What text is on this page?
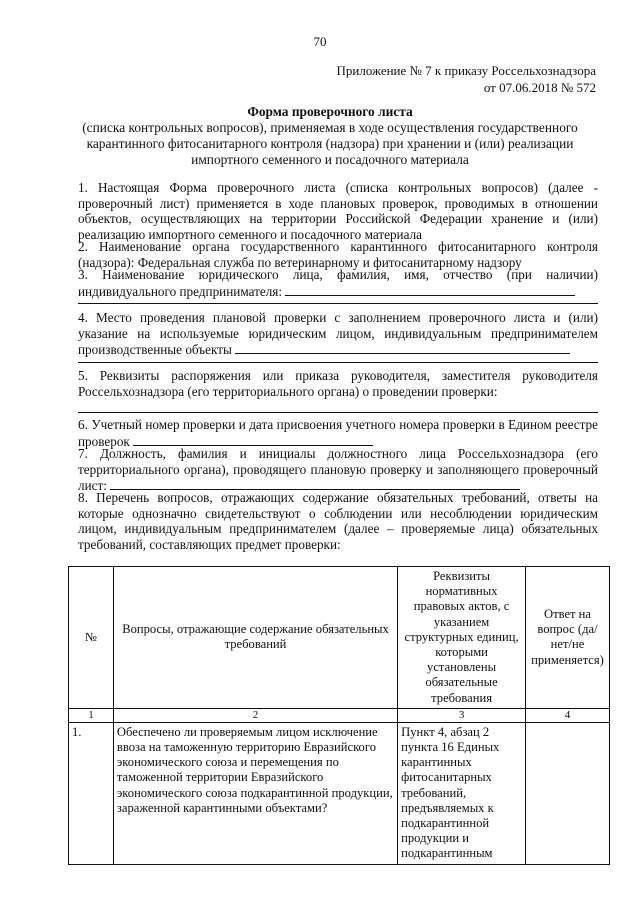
70
Приложение № 7 к приказу Россельхознадзора
от 07.06.2018 № 572
Форма проверочного листа
(списка контрольных вопросов), применяемая в ходе осуществления государственного
карантинного фитосанитарного контроля (надзора) при хранении и (или) реализации
импортного семенного и посадочного материала
1. Настоящая Форма проверочного листа (списка контрольных вопросов) (далее - проверочный лист) применяется в ходе плановых проверок, проводимых в отношении объектов, осуществляющих на территории Российской Федерации хранение и (или) реализацию импортного семенного и посадочного материала
2. Наименование органа государственного карантинного фитосанитарного контроля (надзора): Федеральная служба по ветеринарному и фитосанитарному надзору
3. Наименование юридического лица, фамилия, имя, отчество (при наличии) индивидуального предпринимателя:
4. Место проведения плановой проверки с заполнением проверочного листа и (или) указание на используемые юридическим лицом, индивидуальным предпринимателем производственные объекты
5. Реквизиты распоряжения или приказа руководителя, заместителя руководителя Россельхознадзора (его территориального органа) о проведении проверки:
6. Учетный номер проверки и дата присвоения учетного номера проверки в Едином реестре проверок
7. Должность, фамилия и инициалы должностного лица Россельхознадзора (его территориального органа), проводящего плановую проверку и заполняющего проверочный лист:
8. Перечень вопросов, отражающих содержание обязательных требований, ответы на которые однозначно свидетельствуют о соблюдении или несоблюдении юридическим лицом, индивидуальным предпринимателем (далее – проверяемые лица) обязательных требований, составляющих предмет проверки:
№	Вопросы, отражающие содержание обязательных требований	Реквизиты нормативных правовых актов, с указанием структурных единиц, которыми установлены обязательные требования	Ответ на вопрос (да/нет/не применяется)
1	2	3	4
1.	Обеспечено ли проверяемым лицом исключение ввоза на таможенную территорию Евразийского экономического союза и перемещения по таможенной территории Евразийского экономического союза подкарантинной продукции, зараженной карантинными объектами?	Пункт 4, абзац 2 пункта 16 Единых карантинных фитосанитарных требований, предъявляемых к подкарантинной продукции и подкарантинным	
